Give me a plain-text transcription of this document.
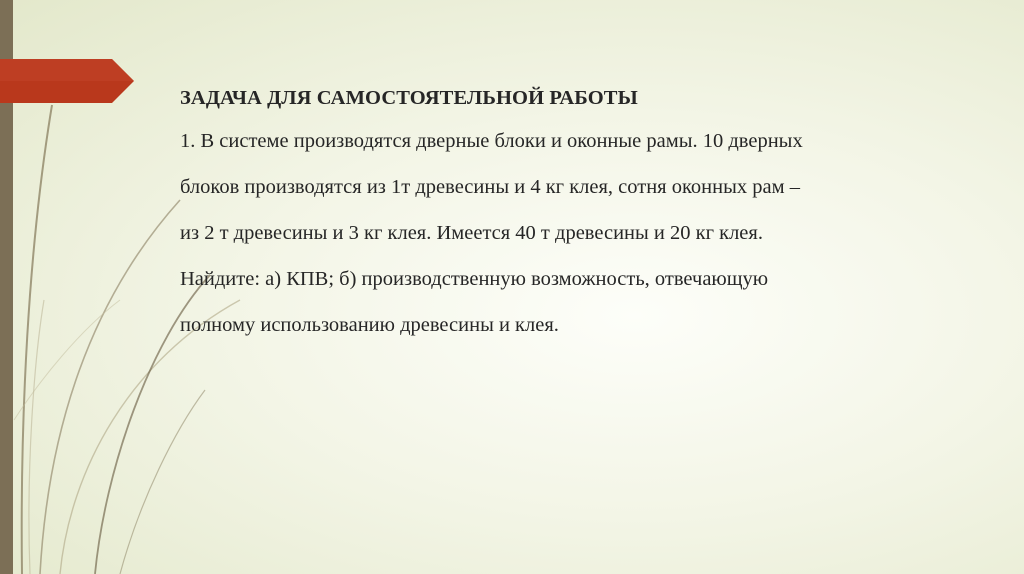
ЗАДАЧА ДЛЯ САМОСТОЯТЕЛЬНОЙ РАБОТЫ

1. В системе производятся дверные блоки и оконные рамы. 10 дверных

блоков производятся из 1т древесины и 4 кг клея, сотня оконных рам –

из 2 т древесины и 3 кг клея. Имеется 40 т древесины и 20 кг клея.

Найдите: а) КПВ; б) производственную возможность, отвечающую

полному использованию древесины и клея.
